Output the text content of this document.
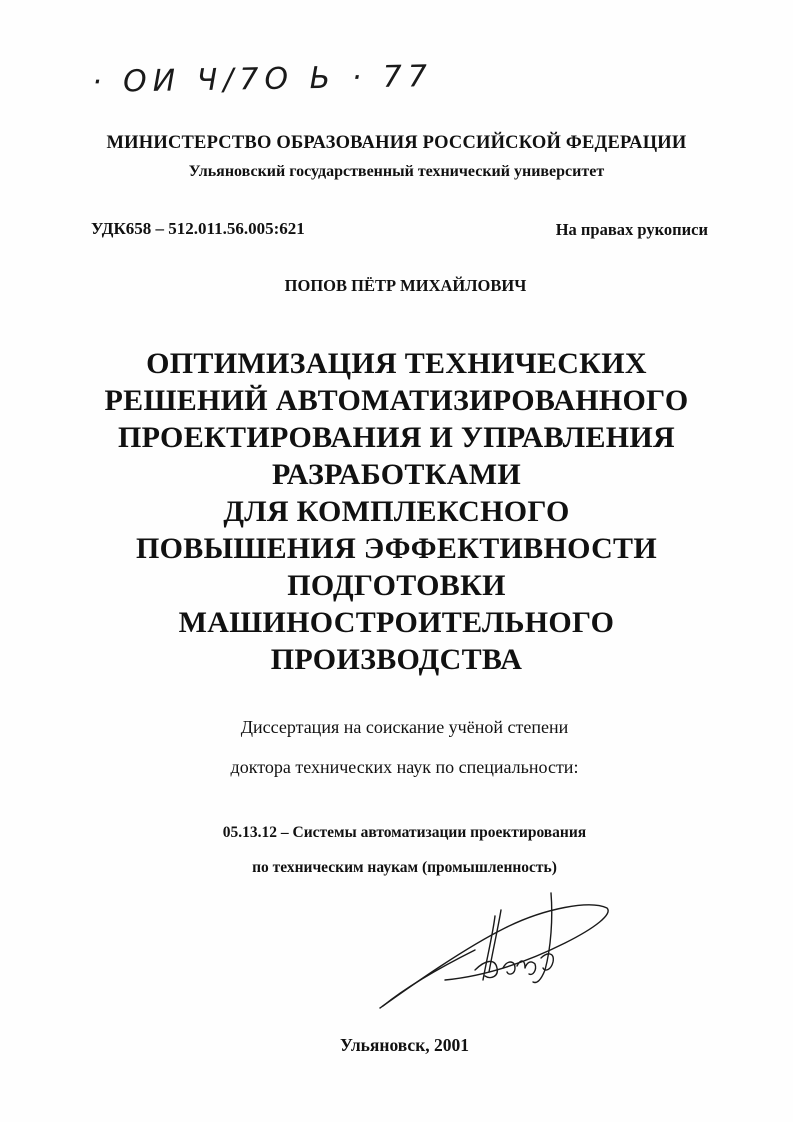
· ОИ Ч/7О Ь · 77
МИНИСТЕРСТВО ОБРАЗОВАНИЯ РОССИЙСКОЙ ФЕДЕРАЦИИ
Ульяновский государственный технический университет
УДК658 – 512.011.56.005:621	На правах рукописи
ПОПОВ ПЁТР МИХАЙЛОВИЧ
ОПТИМИЗАЦИЯ ТЕХНИЧЕСКИХ
РЕШЕНИЙ АВТОМАТИЗИРОВАННОГО
ПРОЕКТИРОВАНИЯ И УПРАВЛЕНИЯ
РАЗРАБОТКАМИ
ДЛЯ КОМПЛЕКСНОГО
ПОВЫШЕНИЯ ЭФФЕКТИВНОСТИ
ПОДГОТОВКИ
МАШИНОСТРОИТЕЛЬНОГО
ПРОИЗВОДСТВА
Диссертация на соискание учёной степени
доктора технических наук по специальности:
05.13.12 – Системы автоматизации проектирования
по техническим наукам (промышленность)
Ульяновск, 2001
